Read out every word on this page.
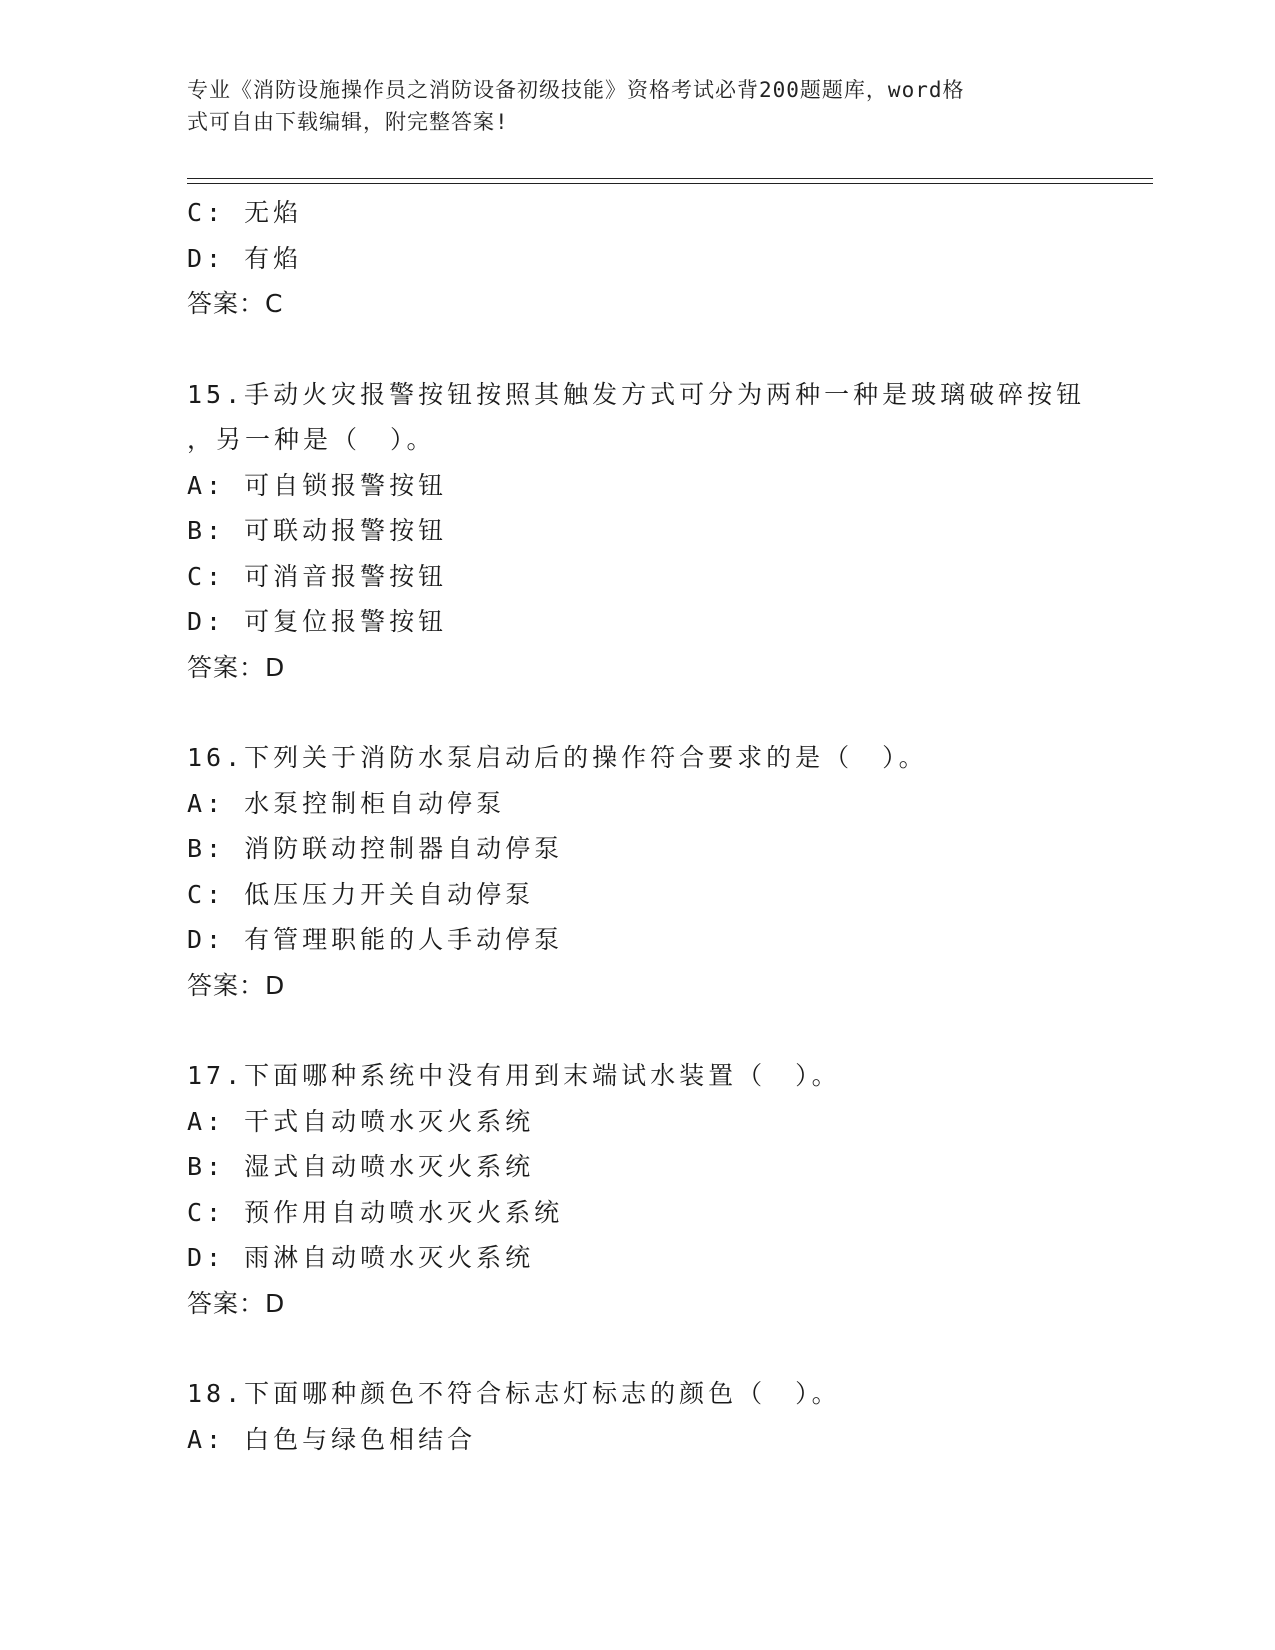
专业《消防设施操作员之消防设备初级技能》资格考试必背200题题库，word格
式可自由下载编辑，附完整答案!
C: 无焰
D: 有焰
答案：C
15.手动火灾报警按钮按照其触发方式可分为两种一种是玻璃破碎按钮
，另一种是（　）。
A: 可自锁报警按钮
B: 可联动报警按钮
C: 可消音报警按钮
D: 可复位报警按钮
答案：D
16.下列关于消防水泵启动后的操作符合要求的是（　）。
A: 水泵控制柜自动停泵
B: 消防联动控制器自动停泵
C: 低压压力开关自动停泵
D: 有管理职能的人手动停泵
答案：D
17.下面哪种系统中没有用到末端试水装置（　）。
A: 干式自动喷水灭火系统
B: 湿式自动喷水灭火系统
C: 预作用自动喷水灭火系统
D: 雨淋自动喷水灭火系统
答案：D
18.下面哪种颜色不符合标志灯标志的颜色（　）。
A: 白色与绿色相结合
